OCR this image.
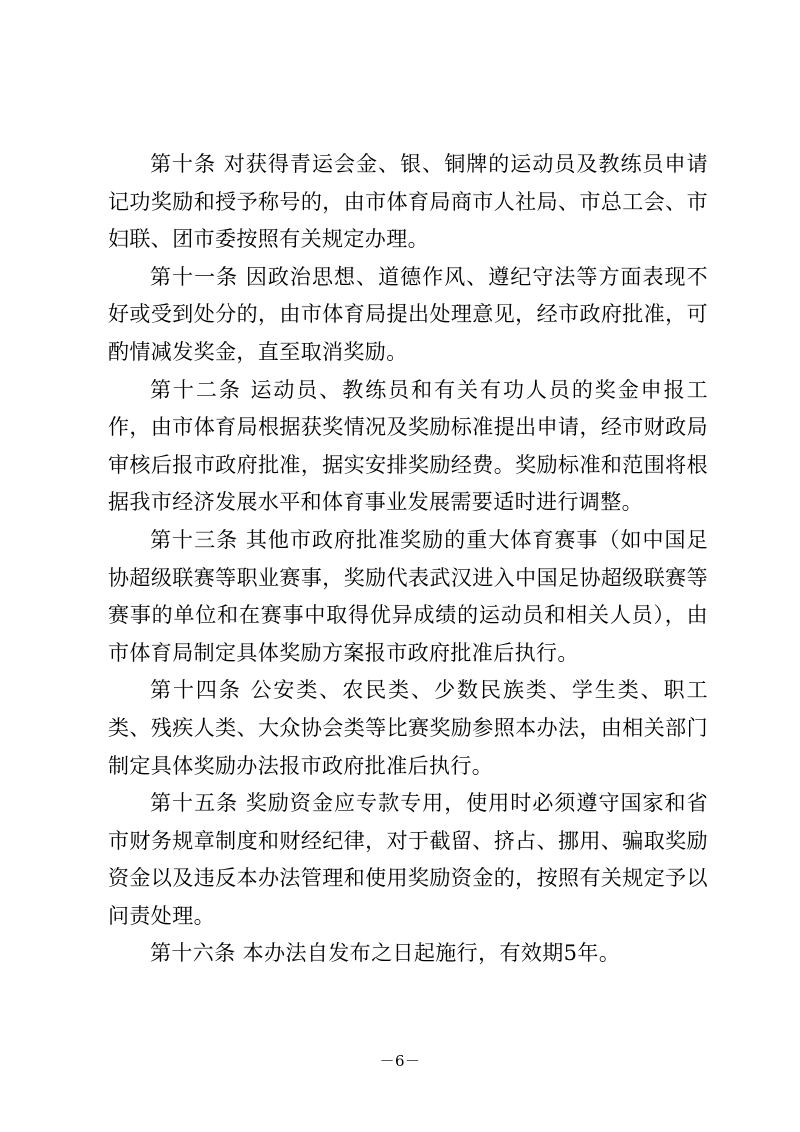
第十条 对获得青运会金、银、铜牌的运动员及教练员申请记功奖励和授予称号的，由市体育局商市人社局、市总工会、市妇联、团市委按照有关规定办理。

第十一条 因政治思想、道德作风、遵纪守法等方面表现不好或受到处分的，由市体育局提出处理意见，经市政府批准，可酌情减发奖金，直至取消奖励。

第十二条 运动员、教练员和有关有功人员的奖金申报工作，由市体育局根据获奖情况及奖励标准提出申请，经市财政局审核后报市政府批准，据实安排奖励经费。奖励标准和范围将根据我市经济发展水平和体育事业发展需要适时进行调整。

第十三条 其他市政府批准奖励的重大体育赛事（如中国足协超级联赛等职业赛事，奖励代表武汉进入中国足协超级联赛等赛事的单位和在赛事中取得优异成绩的运动员和相关人员），由市体育局制定具体奖励方案报市政府批准后执行。

第十四条 公安类、农民类、少数民族类、学生类、职工类、残疾人类、大众协会类等比赛奖励参照本办法，由相关部门制定具体奖励办法报市政府批准后执行。

第十五条 奖励资金应专款专用，使用时必须遵守国家和省市财务规章制度和财经纪律，对于截留、挤占、挪用、骗取奖励资金以及违反本办法管理和使用奖励资金的，按照有关规定予以问责处理。

第十六条 本办法自发布之日起施行，有效期5年。

－6－
